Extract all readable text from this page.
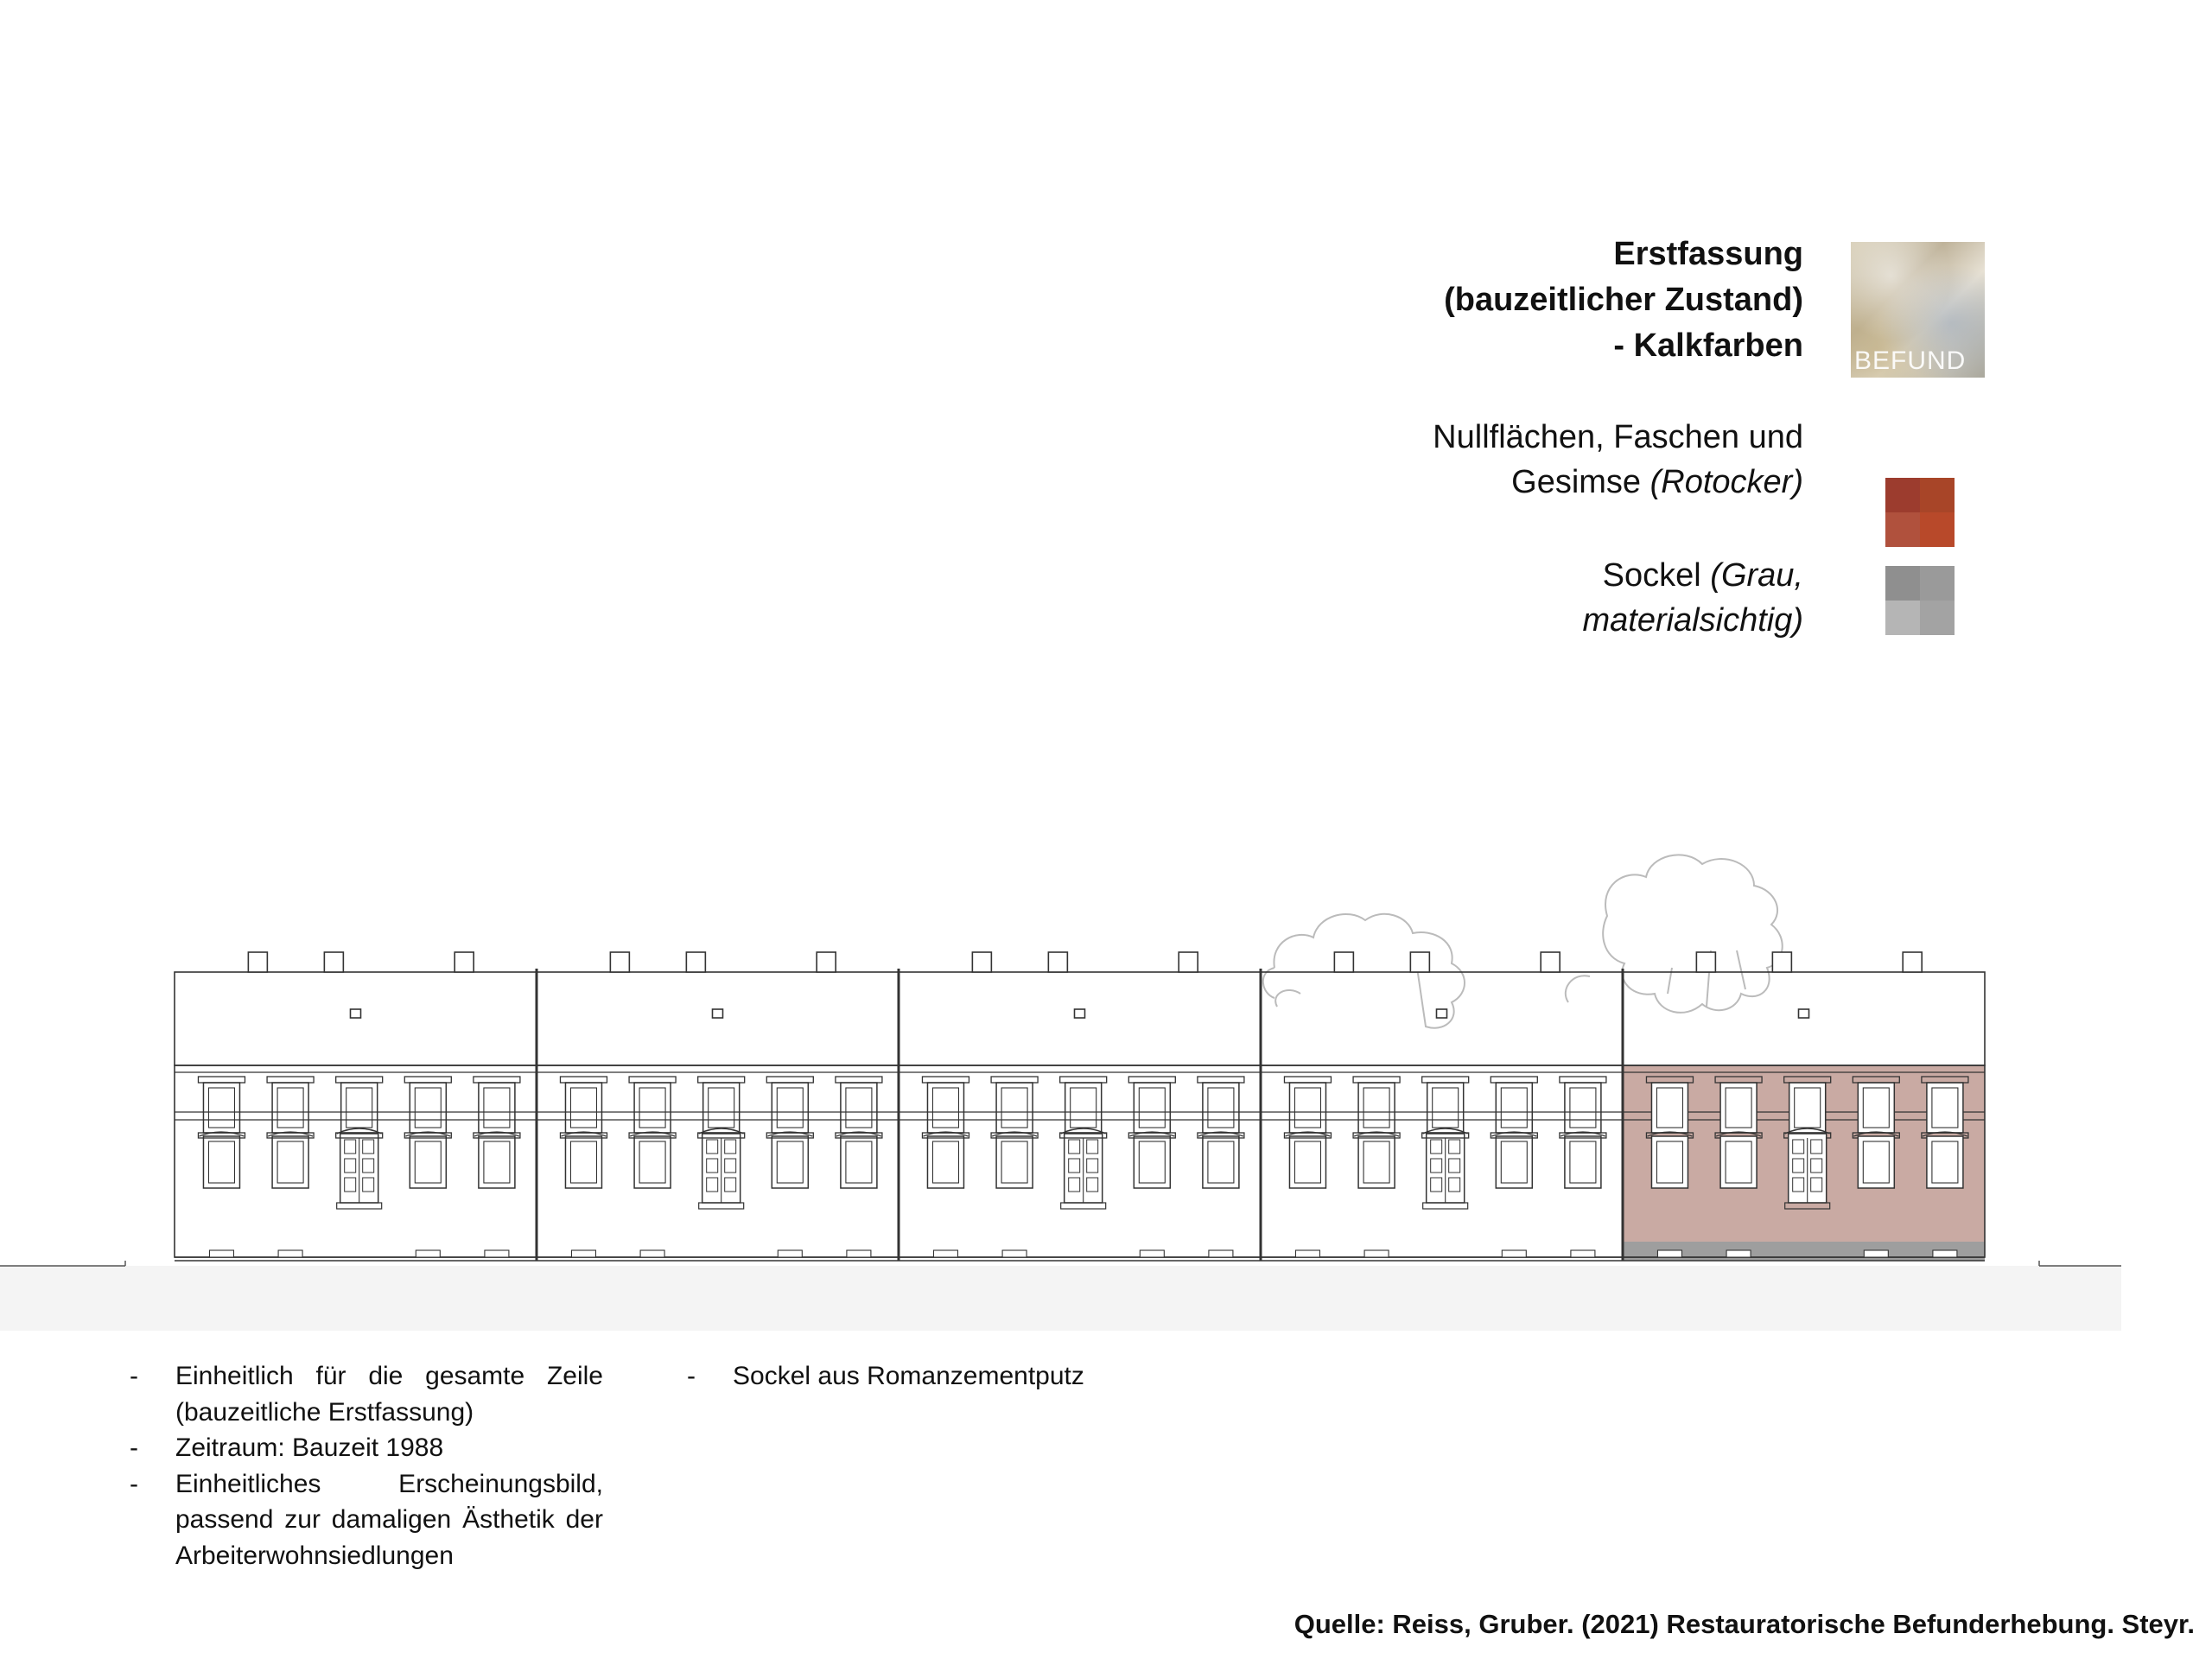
Erstfassung
(bauzeitlicher Zustand)
- Kalkfarben BEFUND
Nullflächen, Faschen und
Gesimse (Rotocker)
Sockel (Grau,
materialsichtig)
-	Einheitlich für die gesamte Zeile (bauzeitliche Erstfassung)
-	Zeitraum: Bauzeit 1988
-	Einheitliches Erscheinungsbild, passend zur damaligen Ästhetik der Arbeiterwohnsiedlungen
-	Sockel aus Romanzementputz
Quelle: Reiss, Gruber. (2021) Restauratorische Befunderhebung. Steyr.
